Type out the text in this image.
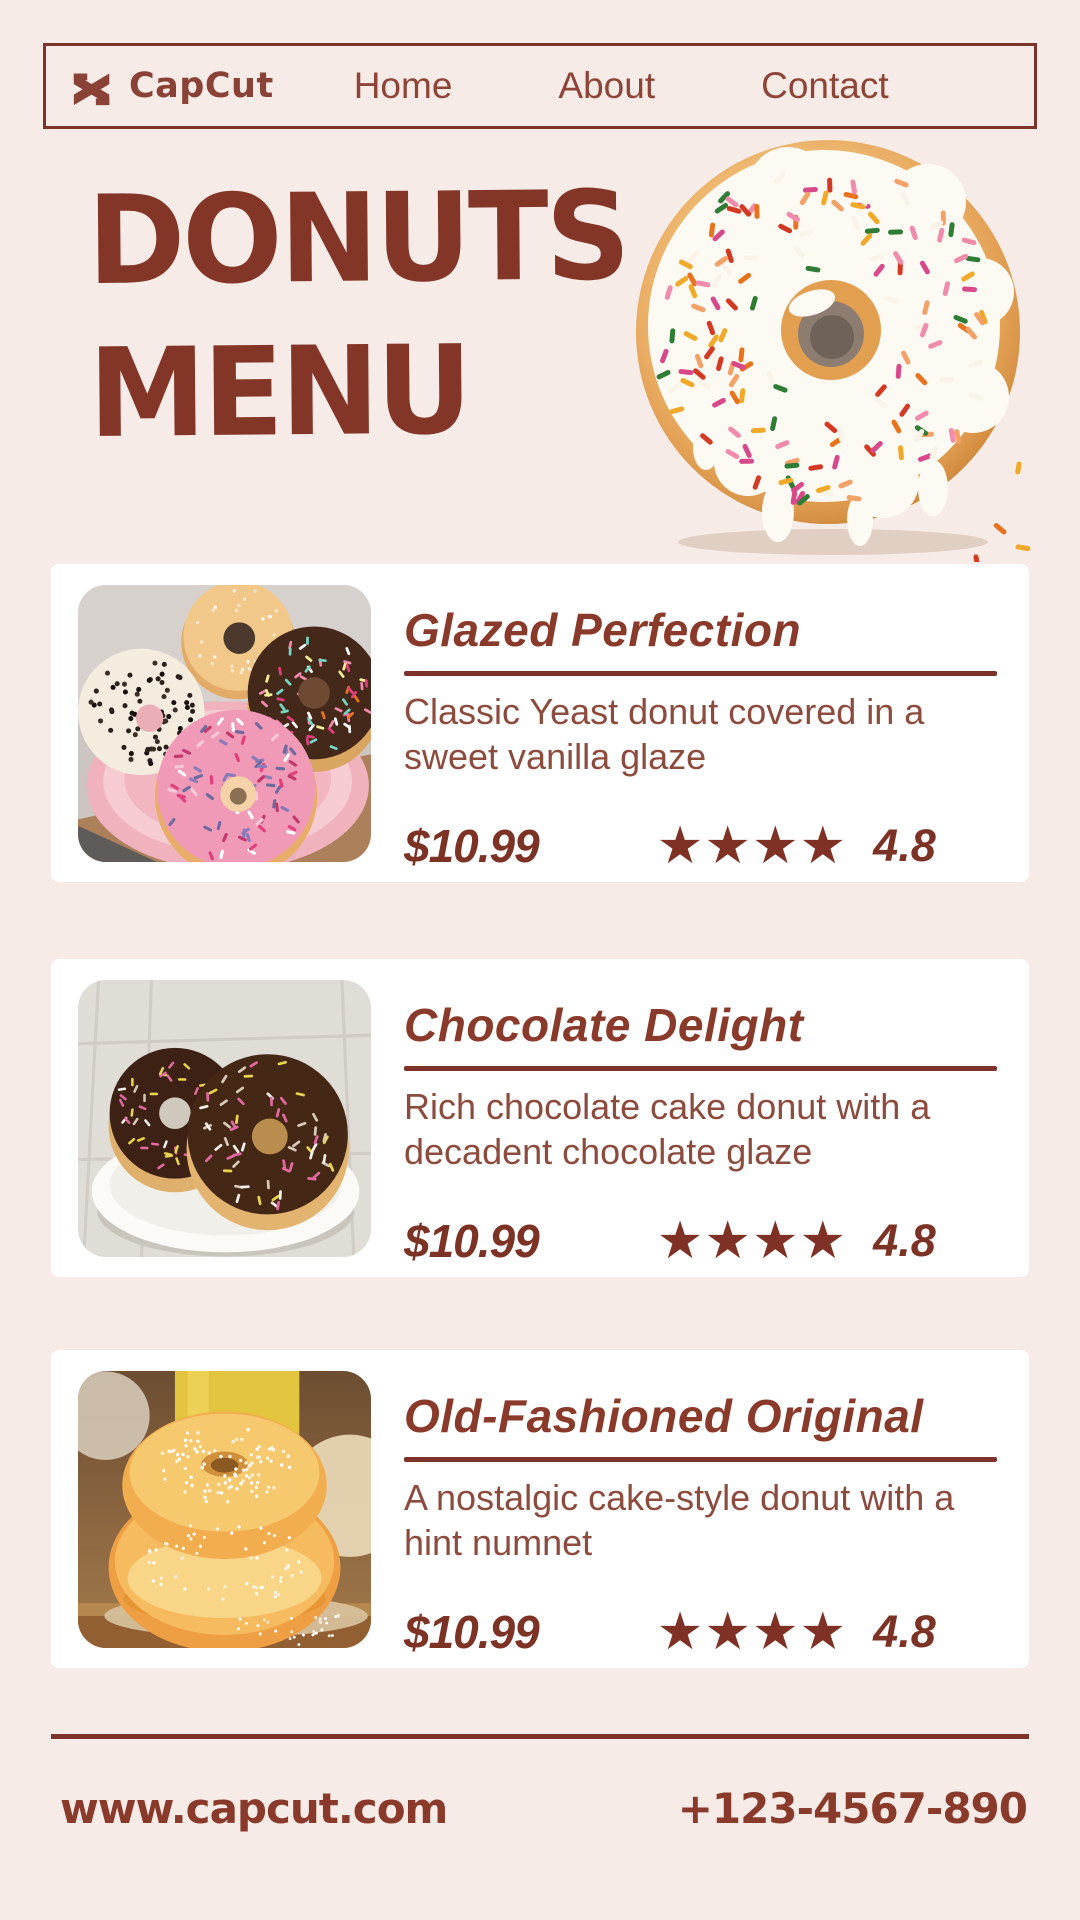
CapCut Home	About	Contact
DONUTS
MENU
Glazed Perfection

Classic Yeast donut covered in a sweet vanilla glaze

$10.99 ★★★★ 4.8
Chocolate Delight

Rich chocolate cake donut with a decadent chocolate glaze

$10.99 ★★★★ 4.8
Old-Fashioned Original

A nostalgic cake-style donut with a hint numnet

$10.99 ★★★★ 4.8
www.capcut.com	+123-4567-890
